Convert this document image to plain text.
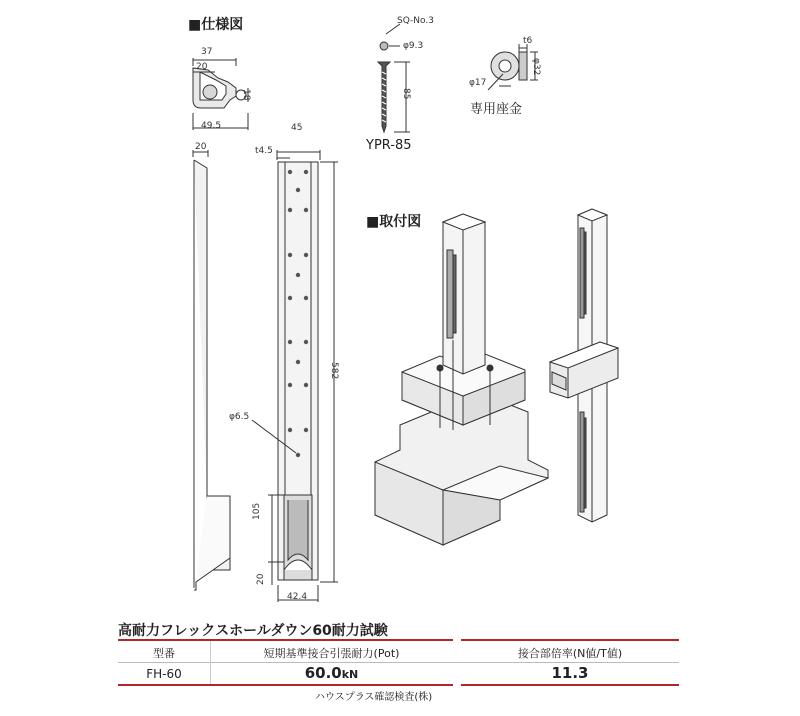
■仕様図
37
20
18
49.5
20
45
t4.5
582
φ6.5
105
20
42.4
SQ-No.3
φ9.3
85
YPR-85
t6
φ32
φ17
専用座金
■取付図
高耐力フレックスホールダウン60耐力試験
型番	短期基準接合引張耐力(Pot)	接合部倍率(N値/T値)
FH-60	60.0kN	11.3
ハウスプラス確認検査(株)
